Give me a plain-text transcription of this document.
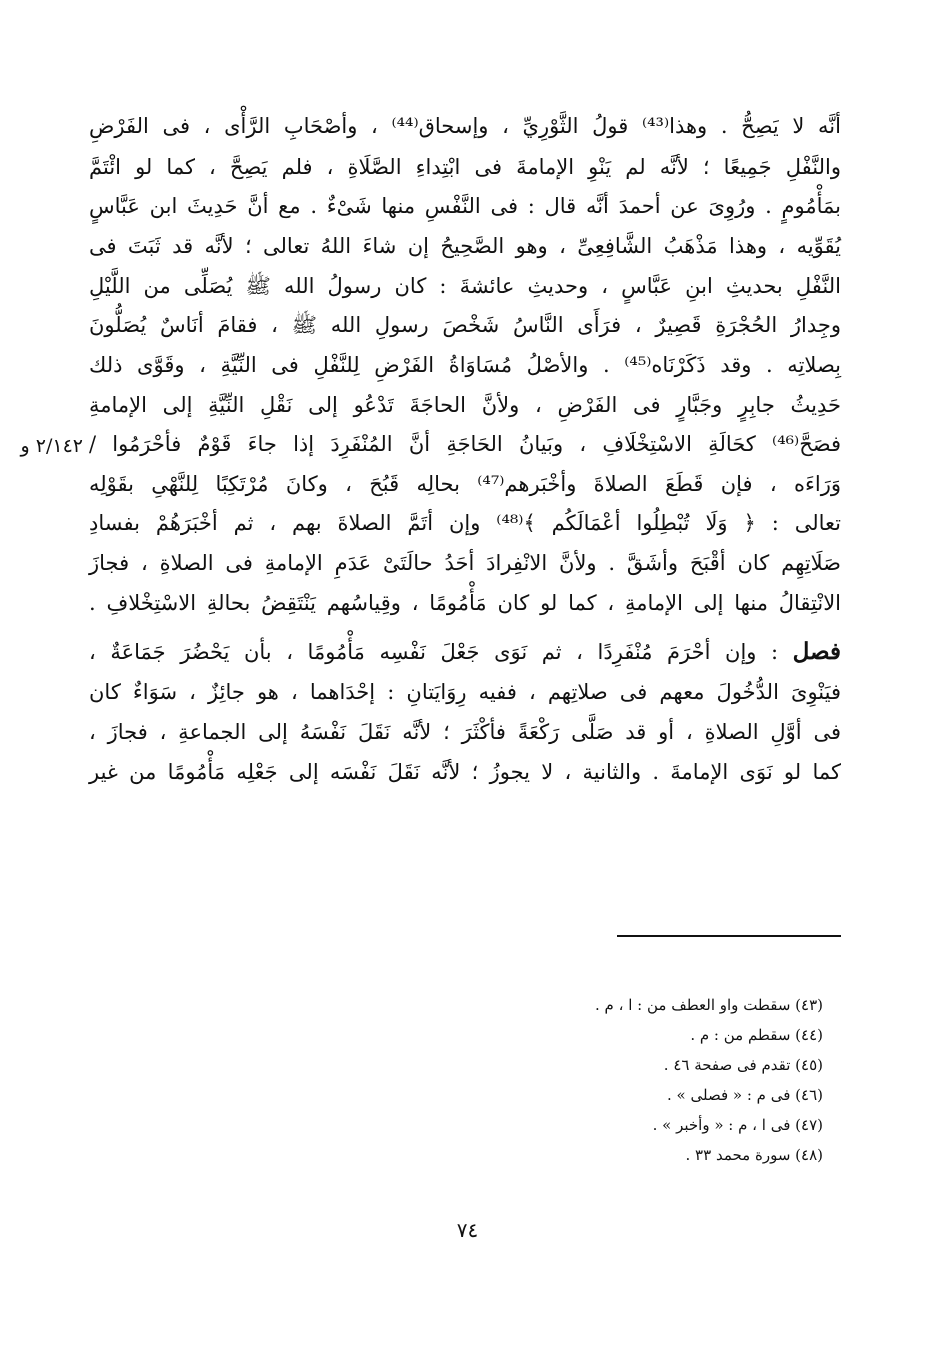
أنَّه لا يَصِحُّ . وهذا⁽⁴³⁾ قولُ الثَّوْرِيِّ ، وإسحاق⁽⁴⁴⁾ ، وأصْحَابِ الرَّأْى ، فى الفَرْضِ
والنَّفْلِ جَمِيعًا ؛ لأنَّه لم يَنْوِ الإمامةَ فى ابْتِداءِ الصَّلَاةِ ، فلم يَصِحَّ ، كما لو ائْتَمَّ
بمَأْمُومٍ . ورُوِىَ عن أحمدَ أنَّه قال : فى النَّفْسِ منها شَىْءٌ . مع أنَّ حَدِيثَ ابن عَبَّاسٍ
يُقَوِّيه ، وهذا مَذْهَبُ الشَّافِعِىِّ ، وهو الصَّحِيحُ إن شاءَ اللهُ تعالى ؛ لأنَّه قد ثَبَتَ فى
النَّفْلِ بحديثِ ابنِ عَبَّاسٍ ، وحديثِ عائشةَ : كان رسولُ الله ﷺ يُصَلِّى من اللَّيْلِ
وجِدارُ الحُجْرَةِ قَصِيرٌ ، فرَأَى النَّاسُ شَخْصَ رسولِ الله ﷺ ، فقامَ أنَاسٌ يُصَلُّونَ
بِصلاتِه . وقد ذَكَرْنَاه⁽⁴⁵⁾ . والأصْلُ مُسَاوَاةُ الفَرْضِ لِلنَّفْلِ فى النِّيَّةِ ، وقَوَّى ذلك
حَدِيثُ جابِرٍ وجَبَّارٍ فى الفَرْضِ ، ولأنَّ الحاجَةَ تَدْعُو إلى نَقْلِ النِّيَّةِ إلى الإمامةِ
فصَحَّ⁽⁴⁶⁾ كحَالَةِ الاسْتِخْلَافِ ، وبَيانُ الحَاجَةِ أنَّ المُنْفَرِدَ إذا جاءَ قَوْمٌ فأحْرَمُوا /
٢/١٤٢ و
وَرَاءَه ، فإن قَطَعَ الصلاةَ وأخْبَرهم⁽⁴⁷⁾ بحالِه قَبُحَ ، وكانَ مُرْتَكِبًا لِلنَّهْىِ بقَوْلِه
تعالى : ﴿ وَلَا تُبْطِلُوا أعْمَالَكُم ﴾⁽⁴⁸⁾ وإن أتَمَّ الصلاةَ بهم ، ثم أخْبَرَهُمْ بفسادِ
صَلَاتِهِم كان أقْبَحَ وأشَقَّ . ولأنَّ الانْفِرادَ أحَدُ حالَتَىْ عَدَمِ الإمامةِ فى الصلاةِ ، فجازَ
الانْتِقالُ منها إلى الإمامةِ ، كما لو كان مَأْمُومًا ، وقِياسُهم يَنْتَقِضُ بحالةِ الاسْتِخْلافِ .
فصل : وإن أحْرَمَ مُنْفَرِدًا ، ثم نَوَى جَعْلَ نَفْسِه مَأْمُومًا ، بأن يَحْضُرَ جَمَاعَةٌ ،
فيَنْوِىَ الدُّخُولَ معهم فى صلاتِهم ، ففيه رِوَايَتانِ : إحْدَاهما ، هو جائِزٌ ، سَوَاءٌ كان
فى أوَّلِ الصلاةِ ، أو قد صَلَّى رَكْعَةً فأكْثَرَ ؛ لأنَّه نَقَلَ نَفْسَهُ إلى الجماعةِ ، فجازَ ،
كما لو نَوَى الإمامةَ . والثانية ، لا يجوزُ ؛ لأنَّه نَقَلَ نَفْسَه إلى جَعْلِه مَأْمُومًا من غير
(٤٣) سقطت واو العطف من : ا ، م .
(٤٤) سقطم من : م .
(٤٥) تقدم فى صفحة ٤٦ .
(٤٦) فى م : « فصلى » .
(٤٧) فى ا ، م : « وأخبر » .
(٤٨) سورة محمد ٣٣ .
٧٤
